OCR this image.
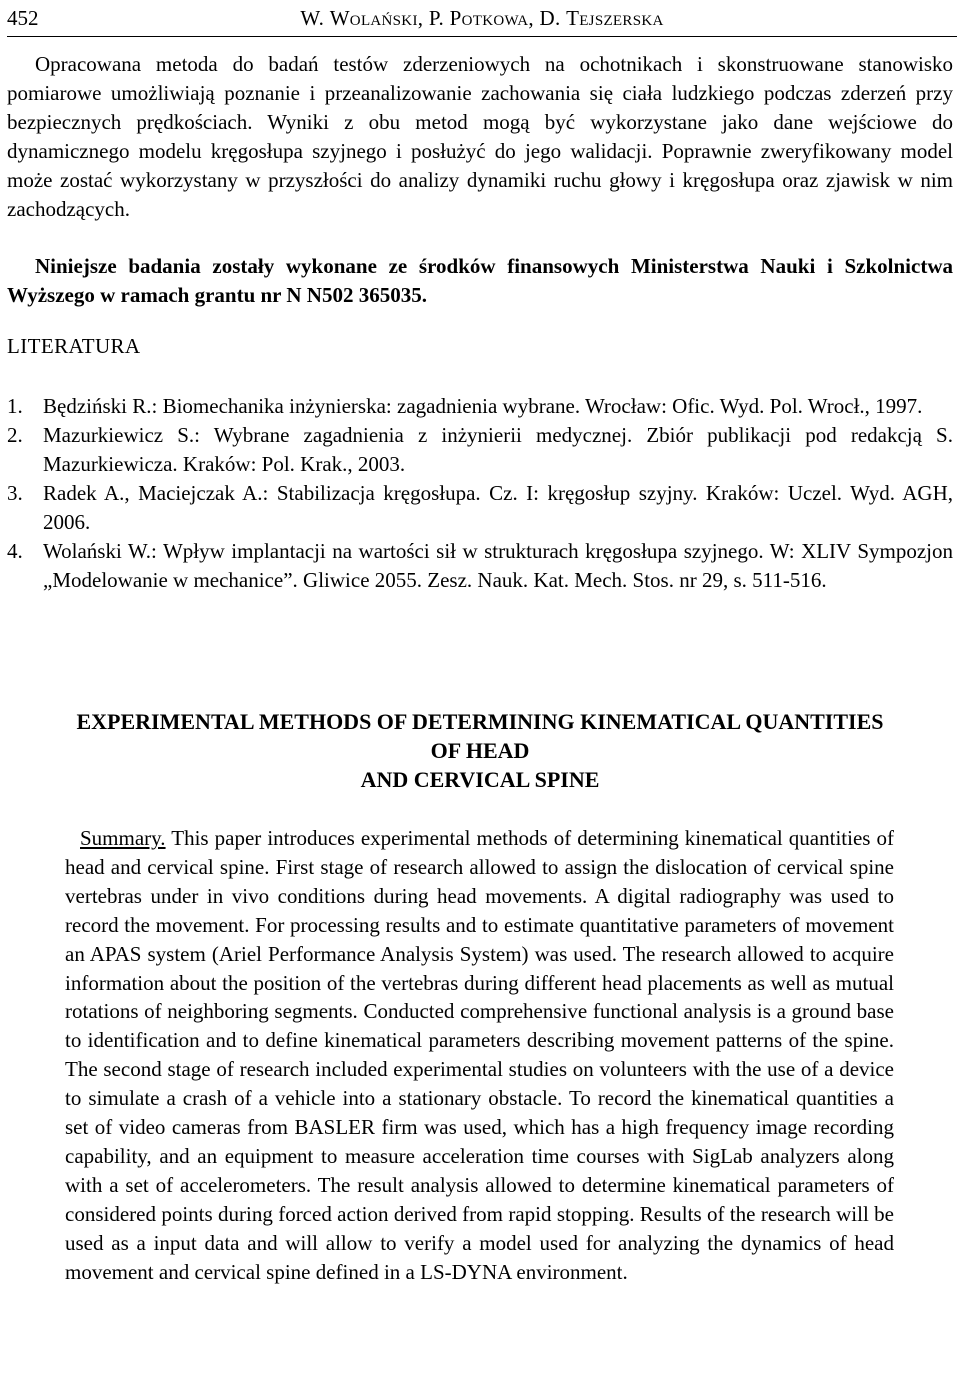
452	W. Wolański, P. Potkowa, D. Tejszerska

Opracowana metoda do badań testów zderzeniowych na ochotnikach i skonstruowane stanowisko pomiarowe umożliwiają poznanie i przeanalizowanie zachowania się ciała ludzkiego podczas zderzeń przy bezpiecznych prędkościach. Wyniki z obu metod mogą być wykorzystane jako dane wejściowe do dynamicznego modelu kręgosłupa szyjnego i posłużyć do jego walidacji. Poprawnie zweryfikowany model może zostać wykorzystany w przyszłości do analizy dynamiki ruchu głowy i kręgosłupa oraz zjawisk w nim zachodzących.

Niniejsze badania zostały wykonane ze środków finansowych Ministerstwa Nauki i Szkolnictwa Wyższego w ramach grantu nr N N502 365035.

LITERATURA
1. Będziński R.: Biomechanika inżynierska: zagadnienia wybrane. Wrocław: Ofic. Wyd. Pol. Wrocł., 1997.
2. Mazurkiewicz S.: Wybrane zagadnienia z inżynierii medycznej. Zbiór publikacji pod redakcją S. Mazurkiewicza. Kraków: Pol. Krak., 2003.
3. Radek A., Maciejczak A.: Stabilizacja kręgosłupa. Cz. I: kręgosłup szyjny. Kraków: Uczel. Wyd. AGH, 2006.
4. Wolański W.: Wpływ implantacji na wartości sił w strukturach kręgosłupa szyjnego. W: XLIV Sympozjon „Modelowanie w mechanice”. Gliwice 2055. Zesz. Nauk. Kat. Mech. Stos. nr 29, s. 511-516.
EXPERIMENTAL METHODS OF DETERMINING KINEMATICAL QUANTITIES
OF HEAD
AND CERVICAL SPINE

Summary. This paper introduces experimental methods of determining kinematical quantities of head and cervical spine. First stage of research allowed to assign the dislocation of cervical spine vertebras under in vivo conditions during head movements. A digital radiography was used to record the movement. For processing results and to estimate quantitative parameters of movement an APAS system (Ariel Performance Analysis System) was used. The research allowed to acquire information about the position of the vertebras during different head placements as well as mutual rotations of neighboring segments. Conducted comprehensive functional analysis is a ground base to identification and to define kinematical parameters describing movement patterns of the spine. The second stage of research included experimental studies on volunteers with the use of a device to simulate a crash of a vehicle into a stationary obstacle. To record the kinematical quantities a set of video cameras from BASLER firm was used, which has a high frequency image recording capability, and an equipment to measure acceleration time courses with SigLab analyzers along with a set of accelerometers. The result analysis allowed to determine kinematical parameters of considered points during forced action derived from rapid stopping. Results of the research will be used as a input data and will allow to verify a model used for analyzing the dynamics of head movement and cervical spine defined in a LS-DYNA environment.
